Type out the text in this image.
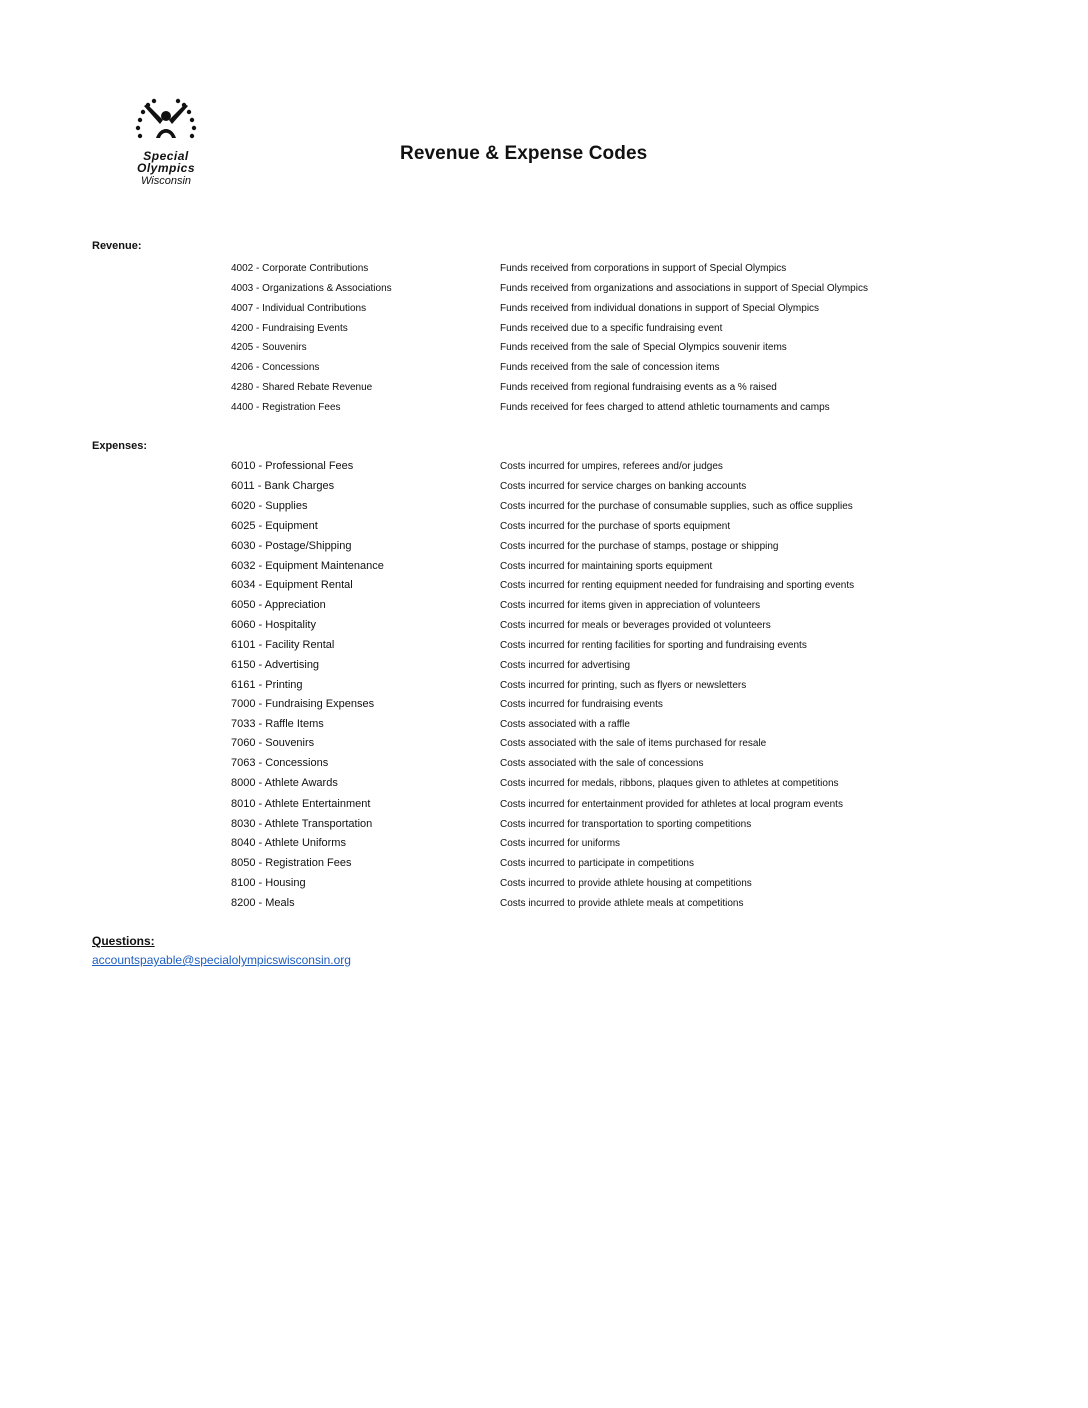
Special
Olympics
Wisconsin
Revenue & Expense Codes
Revenue:
4002 - Corporate Contributions	Funds received from corporations in support of Special Olympics
4003 - Organizations & Associations	Funds received from organizations and associations in support of Special Olympics
4007 - Individual Contributions	Funds received from individual donations in support of Special Olympics
4200 - Fundraising Events	Funds received due to a specific fundraising event
4205 - Souvenirs	Funds received from the sale of Special Olympics souvenir items
4206 - Concessions	Funds received from the sale of concession items
4280 - Shared Rebate Revenue	Funds received from regional fundraising events as a % raised
4400 - Registration Fees	Funds received for fees charged to attend athletic tournaments and camps
Expenses:
6010 - Professional Fees	Costs incurred for umpires, referees and/or judges
6011 - Bank Charges	Costs incurred for service charges on banking accounts
6020 - Supplies	Costs incurred for the purchase of consumable supplies, such as office supplies
6025 - Equipment	Costs incurred for the purchase of sports equipment
6030 - Postage/Shipping	Costs incurred for the purchase of stamps, postage or shipping
6032 - Equipment Maintenance	Costs incurred for maintaining sports equipment
6034 - Equipment Rental	Costs incurred for renting equipment needed for fundraising and sporting events
6050 - Appreciation	Costs incurred for items given in appreciation of volunteers
6060 - Hospitality	Costs incurred for meals or beverages provided ot volunteers
6101 - Facility Rental	Costs incurred for renting facilities for sporting and fundraising events
6150 - Advertising	Costs incurred for advertising
6161 - Printing	Costs incurred for printing, such as flyers or newsletters
7000 - Fundraising Expenses	Costs incurred for fundraising events
7033 - Raffle Items	Costs associated with a raffle
7060 - Souvenirs	Costs associated with the sale of items purchased for resale
7063 - Concessions	Costs associated with the sale of concessions
8000 - Athlete Awards	Costs incurred for medals, ribbons, plaques given to athletes at competitions
8010 - Athlete Entertainment	Costs incurred for entertainment provided for athletes at local program events
8030 - Athlete Transportation	Costs incurred for transportation to sporting competitions
8040 - Athlete Uniforms	Costs incurred for uniforms
8050 - Registration Fees	Costs incurred to participate in competitions
8100 - Housing	Costs incurred to provide athlete housing at competitions
8200 - Meals	Costs incurred to provide athlete meals at competitions
Questions:
accountspayable@specialolympicswisconsin.org
